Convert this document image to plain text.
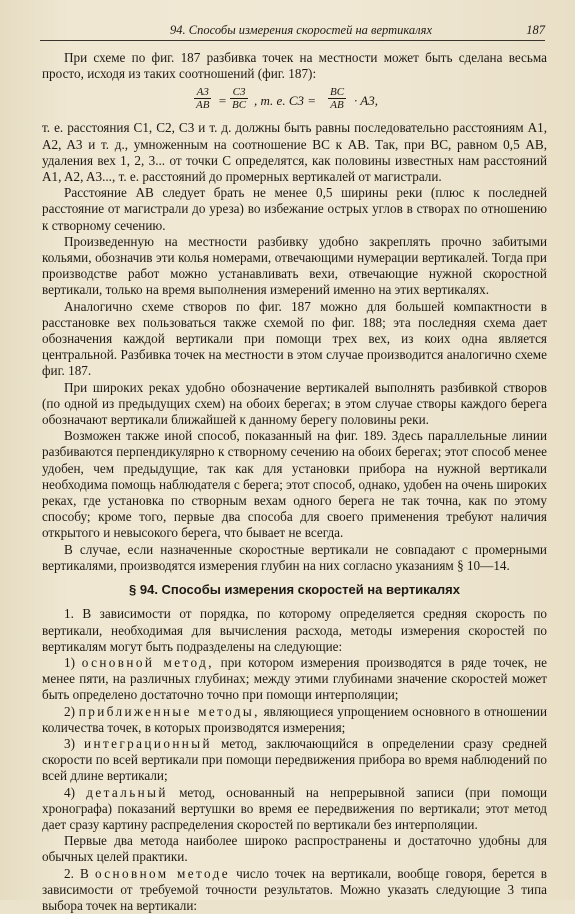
94. Способы измерения скоростей на вертикалях	187

При схеме по фиг. 187 разбивка точек на местности может быть сделана весьма просто, исходя из таких соотношений (фиг. 187):

$\frac{A3}{AB} = \frac{C3}{BC}$ , т. е. $C3 = \frac{BC}{AB} \cdot A3$,

т. е. расстояния C1, C2, C3 и т. д. должны быть равны последовательно расстояниям A1, A2, A3 и т. д., умноженным на соотношение BC к AB. Так, при BC, равном 0,5 AB, удаления вех 1, 2, 3... от точки C определятся, как половины известных нам расстояний A1, A2, A3..., т. е. расстояний до промерных вертикалей от магистрали.

Расстояние AB следует брать не менее 0,5 ширины реки (плюс к последней расстояние от магистрали до уреза) во избежание острых углов в створах по отношению к створному сечению.

Произведенную на местности разбивку удобно закреплять прочно забитыми кольями, обозначив эти колья номерами, отвечающими нумерации вертикалей. Тогда при производстве работ можно устанавливать вехи, отвечающие нужной скоростной вертикали, только на время выполнения измерений именно на этих вертикалях.

Аналогично схеме створов по фиг. 187 можно для большей компактности в расстановке вех пользоваться также схемой по фиг. 188; эта последняя схема дает обозначения каждой вертикали при помощи трех вех, из коих одна является центральной. Разбивка точек на местности в этом случае производится аналогично схеме фиг. 187.

При широких реках удобно обозначение вертикалей выполнять разбивкой створов (по одной из предыдущих схем) на обоих берегах; в этом случае створы каждого берега обозначают вертикали ближайшей к данному берегу половины реки.

Возможен также иной способ, показанный на фиг. 189. Здесь параллельные линии разбиваются перпендикулярно к створному сечению на обоих берегах; этот способ менее удобен, чем предыдущие, так как для установки прибора на нужной вертикали необходима помощь наблюдателя с берега; этот способ, однако, удобен на очень широких реках, где установка по створным вехам одного берега не так точна, как по этому способу; кроме того, первые два способа для своего применения требуют наличия открытого и невысокого берега, что бывает не всегда.

В случае, если назначенные скоростные вертикали не совпадают с промерными вертикалями, производятся измерения глубин на них согласно указаниям § 10—14.

§ 94. Способы измерения скоростей на вертикалях

1. В зависимости от порядка, по которому определяется средняя скорость по вертикали, необходимая для вычисления расхода, методы измерения скоростей по вертикалям могут быть подразделены на следующие:

1) основной метод, при котором измерения производятся в ряде точек, не менее пяти, на различных глубинах; между этими глубинами значение скоростей может быть определено достаточно точно при помощи интерполяции;

2) приближенные методы, являющиеся упрощением основного в отношении количества точек, в которых производятся измерения;

3) интеграционный метод, заключающийся в определении сразу средней скорости по всей вертикали при помощи передвижения прибора во время наблюдений по всей длине вертикали;

4) детальный метод, основанный на непрерывной записи (при помощи хронографа) показаний вертушки во время ее передвижения по вертикали; этот метод дает сразу картину распределения скоростей по вертикали без интерполяции.

Первые два метода наиболее широко распространены и достаточно удобны для обычных целей практики.

2. В основном методе число точек на вертикали, вообще говоря, берется в зависимости от требуемой точности результатов. Можно указать следующие 3 типа выбора точек на вертикали:
